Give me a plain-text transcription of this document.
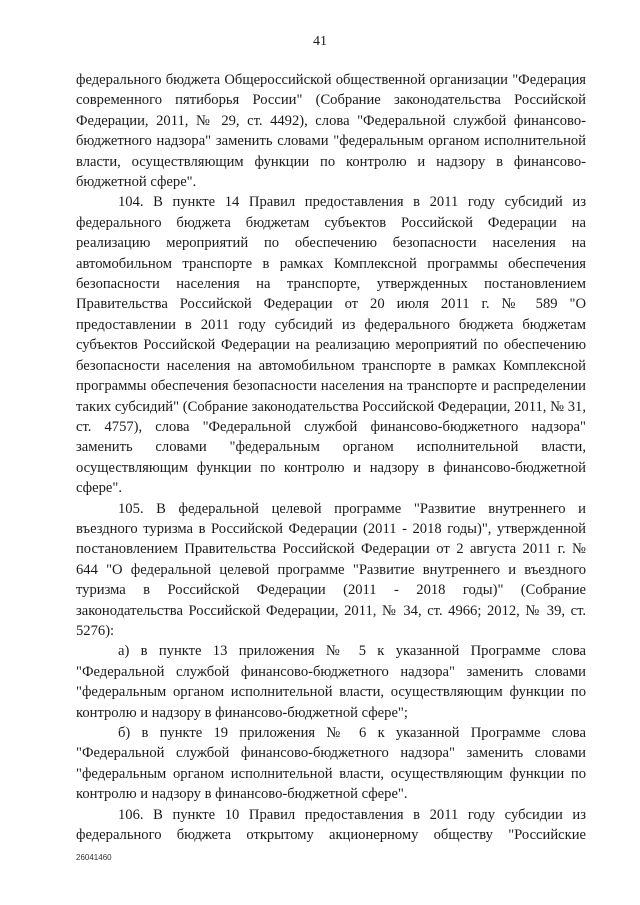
41

федерального бюджета Общероссийской общественной организации "Федерация современного пятиборья России" (Собрание законодательства Российской Федерации, 2011, № 29, ст. 4492), слова "Федеральной службой финансово-бюджетного надзора" заменить словами "федеральным органом исполнительной власти, осуществляющим функции по контролю и надзору в финансово-бюджетной сфере".

104. В пункте 14 Правил предоставления в 2011 году субсидий из федерального бюджета бюджетам субъектов Российской Федерации на реализацию мероприятий по обеспечению безопасности населения на автомобильном транспорте в рамках Комплексной программы обеспечения безопасности населения на транспорте, утвержденных постановлением Правительства Российской Федерации от 20 июля 2011 г. № 589 "О предоставлении в 2011 году субсидий из федерального бюджета бюджетам субъектов Российской Федерации на реализацию мероприятий по обеспечению безопасности населения на автомобильном транспорте в рамках Комплексной программы обеспечения безопасности населения на транспорте и распределении таких субсидий" (Собрание законодательства Российской Федерации, 2011, № 31, ст. 4757), слова "Федеральной службой финансово-бюджетного надзора" заменить словами "федеральным органом исполнительной власти, осуществляющим функции по контролю и надзору в финансово-бюджетной сфере".

105. В федеральной целевой программе "Развитие внутреннего и въездного туризма в Российской Федерации (2011 - 2018 годы)", утвержденной постановлением Правительства Российской Федерации от 2 августа 2011 г. № 644 "О федеральной целевой программе "Развитие внутреннего и въездного туризма в Российской Федерации (2011 - 2018 годы)" (Собрание законодательства Российской Федерации, 2011, № 34, ст. 4966; 2012, № 39, ст. 5276):

а) в пункте 13 приложения № 5 к указанной Программе слова "Федеральной службой финансово-бюджетного надзора" заменить словами "федеральным органом исполнительной власти, осуществляющим функции по контролю и надзору в финансово-бюджетной сфере";

б) в пункте 19 приложения № 6 к указанной Программе слова "Федеральной службой финансово-бюджетного надзора" заменить словами "федеральным органом исполнительной власти, осуществляющим функции по контролю и надзору в финансово-бюджетной сфере".

106. В пункте 10 Правил предоставления в 2011 году субсидии из федерального бюджета открытому акционерному обществу "Российские

26041460
